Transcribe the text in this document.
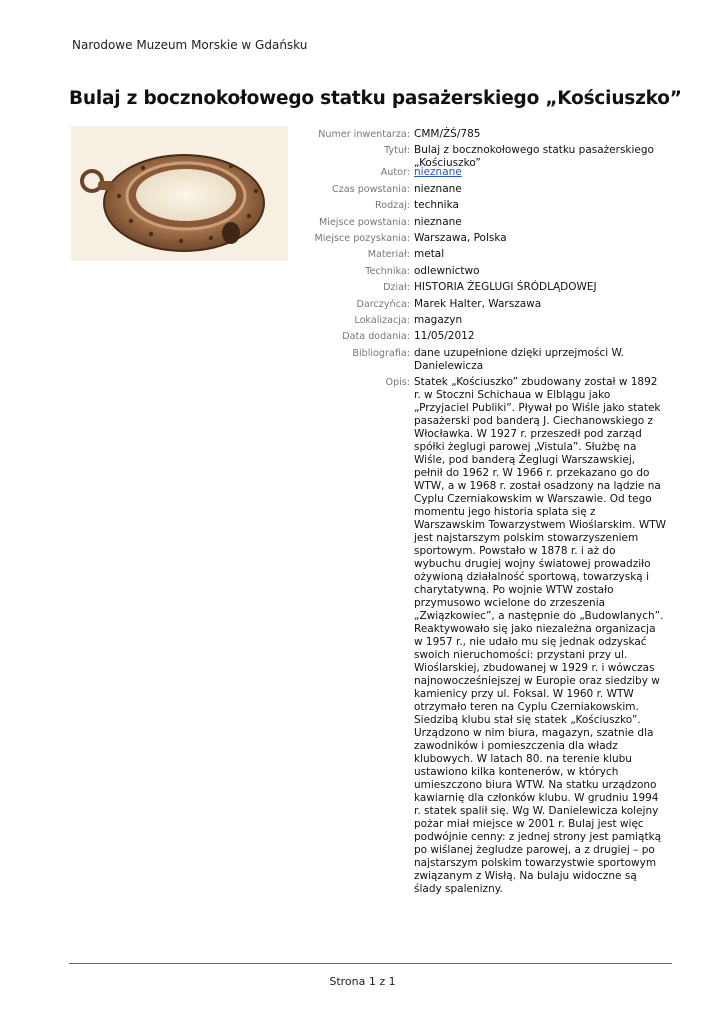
Narodowe Muzeum Morskie w Gdańsku
Bulaj z bocznokołowego statku pasażerskiego „Kościuszko”
Numer inwentarza: CMM/ŻŚ/785
Tytuł: Bulaj z bocznokołowego statku pasażerskiego „Kościuszko”
Autor: nieznane
Czas powstania: nieznane
Rodzaj: technika
Miejsce powstania: nieznane
Miejsce pozyskania: Warszawa, Polska
Materiał: metal
Technika: odlewnictwo
Dział: HISTORIA ŻEGLUGI ŚRÓDLĄDOWEJ
Darczyńca: Marek Halter, Warszawa
Lokalizacja: magazyn
Data dodania: 11/05/2012
Bibliografia: dane uzupełnione dzięki uprzejmości W. Danielewicza
Opis: Statek „Kościuszko” zbudowany został w 1892 r. w Stoczni Schichaua w Elblągu jako „Przyjaciel Publiki”. Pływał po Wiśle jako statek pasażerski pod banderą J. Ciechanowskiego z Włocławka. W 1927 r. przeszedł pod zarząd spółki żeglugi parowej „Vistula”. Służbę na Wiśle, pod banderą Żeglugi Warszawskiej, pełnił do 1962 r. W 1966 r. przekazano go do WTW, a w 1968 r. został osadzony na lądzie na Cyplu Czerniakowskim w Warszawie. Od tego momentu jego historia splata się z Warszawskim Towarzystwem Wioślarskim. WTW jest najstarszym polskim stowarzyszeniem sportowym. Powstało w 1878 r. i aż do wybuchu drugiej wojny światowej prowadziło ożywioną działalność sportową, towarzyską i charytatywną. Po wojnie WTW zostało przymusowo wcielone do zrzeszenia „Związkowiec”, a następnie do „Budowlanych”. Reaktywowało się jako niezależna organizacja w 1957 r., nie udało mu się jednak odzyskać swoich nieruchomości: przystani przy ul. Wioślarskiej, zbudowanej w 1929 r. i wówczas najnowocześniejszej w Europie oraz siedziby w kamienicy przy ul. Foksal. W 1960 r. WTW otrzymało teren na Cyplu Czerniakowskim. Siedzibą klubu stał się statek „Kościuszko”. Urządzono w nim biura, magazyn, szatnie dla zawodników i pomieszczenia dla władz klubowych. W latach 80. na terenie klubu ustawiono kilka kontenerów, w których umieszczono biura WTW. Na statku urządzono kawiarnię dla członków klubu. W grudniu 1994 r. statek spalił się. Wg W. Danielewicza kolejny pożar miał miejsce w 2001 r. Bulaj jest więc podwójnie cenny: z jednej strony jest pamiątką po wiślanej żegludze parowej, a z drugiej – po najstarszym polskim towarzystwie sportowym związanym z Wisłą. Na bulaju widoczne są ślady spalenizny.
Strona 1 z 1
